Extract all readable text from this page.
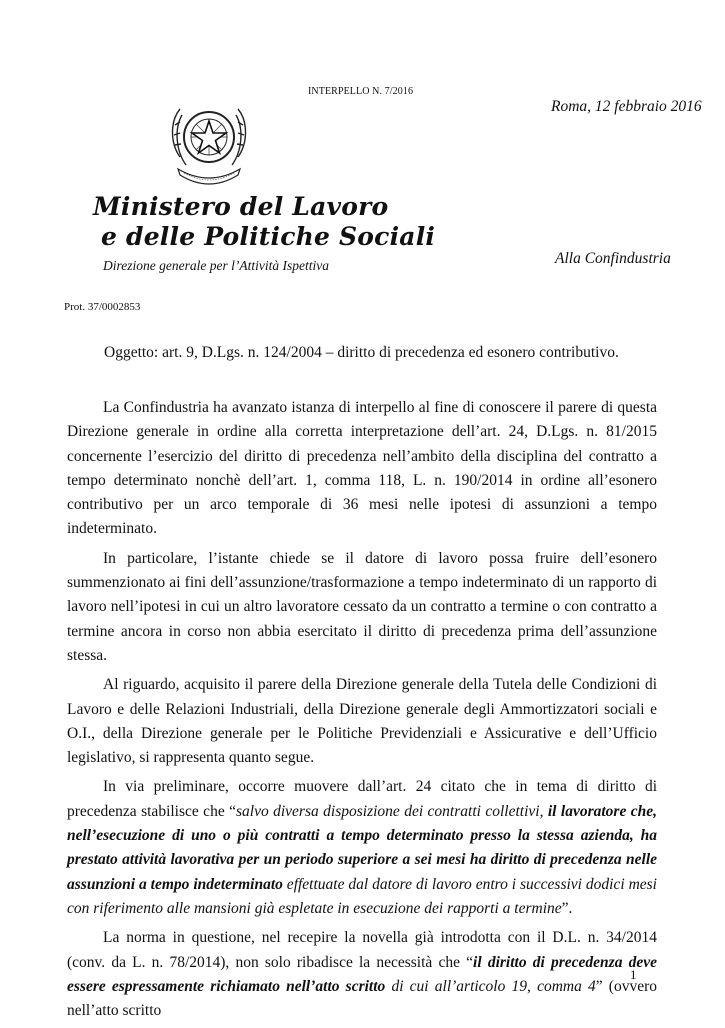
INTERPELLO N. 7/2016
Roma, 12 febbraio 2016
Ministero del Lavoro
e delle Politiche Sociali
Direzione generale per l’Attività Ispettiva	Alla Confindustria
Prot. 37/0002853
Oggetto: art. 9, D.Lgs. n. 124/2004 – diritto di precedenza ed esonero contributivo.

La Confindustria ha avanzato istanza di interpello al fine di conoscere il parere di questa Direzione generale in ordine alla corretta interpretazione dell’art. 24, D.Lgs. n. 81/2015 concernente l’esercizio del diritto di precedenza nell’ambito della disciplina del contratto a tempo determinato nonchè dell’art. 1, comma 118, L. n. 190/2014 in ordine all’esonero contributivo per un arco temporale di 36 mesi nelle ipotesi di assunzioni a tempo indeterminato.

In particolare, l’istante chiede se il datore di lavoro possa fruire dell’esonero summenzionato ai fini dell’assunzione/trasformazione a tempo indeterminato di un rapporto di lavoro nell’ipotesi in cui un altro lavoratore cessato da un contratto a termine o con contratto a termine ancora in corso non abbia esercitato il diritto di precedenza prima dell’assunzione stessa.

Al riguardo, acquisito il parere della Direzione generale della Tutela delle Condizioni di Lavoro e delle Relazioni Industriali, della Direzione generale degli Ammortizzatori sociali e O.I., della Direzione generale per le Politiche Previdenziali e Assicurative e dell’Ufficio legislativo, si rappresenta quanto segue.

In via preliminare, occorre muovere dall’art. 24 citato che in tema di diritto di precedenza stabilisce che “salvo diversa disposizione dei contratti collettivi, il lavoratore che, nell’esecuzione di uno o più contratti a tempo determinato presso la stessa azienda, ha prestato attività lavorativa per un periodo superiore a sei mesi ha diritto di precedenza nelle assunzioni a tempo indeterminato effettuate dal datore di lavoro entro i successivi dodici mesi con riferimento alle mansioni già espletate in esecuzione dei rapporti a termine”.

La norma in questione, nel recepire la novella già introdotta con il D.L. n. 34/2014 (conv. da L. n. 78/2014), non solo ribadisce la necessità che “il diritto di precedenza deve essere espressamente richiamato nell’atto scritto di cui all’articolo 19, comma 4” (ovvero nell’atto scritto

1
